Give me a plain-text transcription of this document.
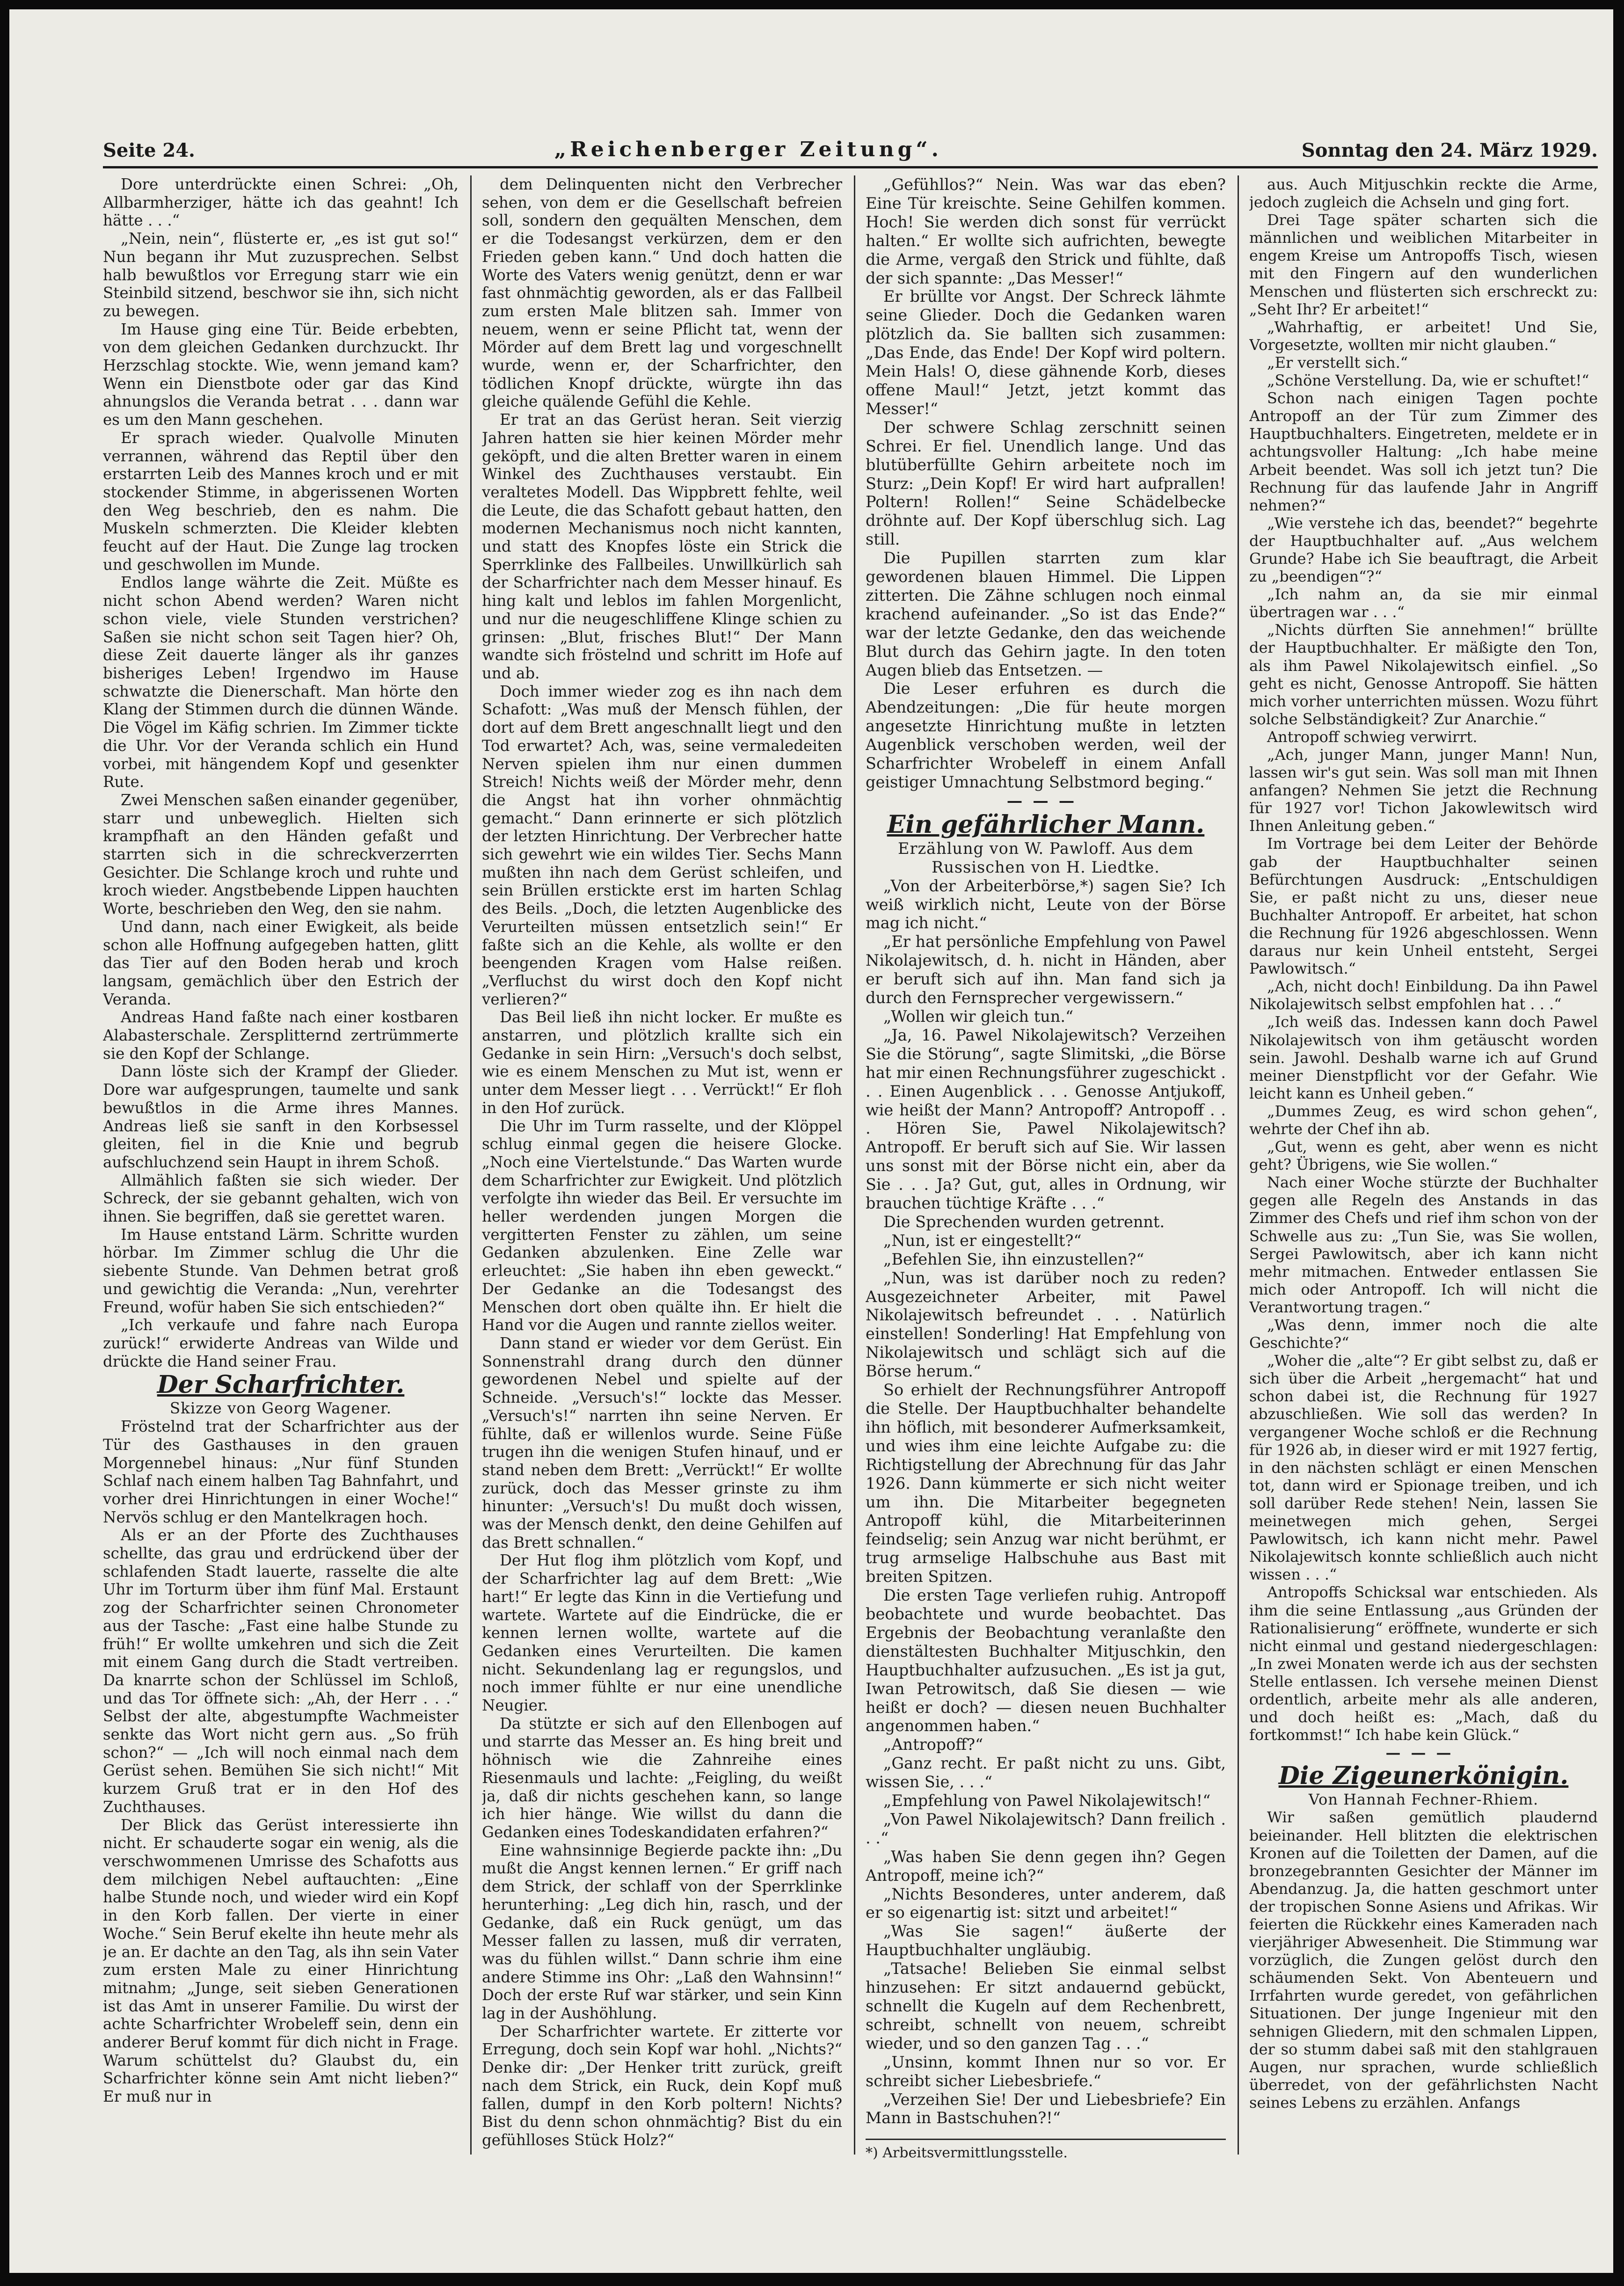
Seite 24.	„Reichenberger Zeitung“.	Sonntag den 24. März 1929.

Dore unterdrückte einen Schrei: „Oh, Allbarmherziger, hätte ich das geahnt! Ich hätte . . .“

„Nein, nein“, flüsterte er, „es ist gut so!“ Nun begann ihr Mut zuzusprechen. Selbst halb bewußtlos vor Erregung starr wie ein Steinbild sitzend, beschwor sie ihn, sich nicht zu bewegen.

Im Hause ging eine Tür. Beide erbebten, von dem gleichen Gedanken durchzuckt. Ihr Herzschlag stockte. Wie, wenn jemand kam? Wenn ein Dienstbote oder gar das Kind ahnungslos die Veranda betrat . . . dann war es um den Mann geschehen.

Er sprach wieder. Qualvolle Minuten verrannen, während das Reptil über den erstarrten Leib des Mannes kroch und er mit stockender Stimme, in abgerissenen Worten den Weg beschrieb, den es nahm. Die Muskeln schmerzten. Die Kleider klebten feucht auf der Haut. Die Zunge lag trocken und geschwollen im Munde.

Endlos lange währte die Zeit. Müßte es nicht schon Abend werden? Waren nicht schon viele, viele Stunden verstrichen? Saßen sie nicht schon seit Tagen hier? Oh, diese Zeit dauerte länger als ihr ganzes bisheriges Leben! Irgendwo im Hause schwatzte die Dienerschaft. Man hörte den Klang der Stimmen durch die dünnen Wände. Die Vögel im Käfig schrien. Im Zimmer tickte die Uhr. Vor der Veranda schlich ein Hund vorbei, mit hängendem Kopf und gesenkter Rute.

Zwei Menschen saßen einander gegenüber, starr und unbeweglich. Hielten sich krampfhaft an den Händen gefaßt und starrten sich in die schreckverzerrten Gesichter. Die Schlange kroch und ruhte und kroch wieder. Angstbebende Lippen hauchten Worte, beschrieben den Weg, den sie nahm.

Und dann, nach einer Ewigkeit, als beide schon alle Hoffnung aufgegeben hatten, glitt das Tier auf den Boden herab und kroch langsam, gemächlich über den Estrich der Veranda.

Andreas Hand faßte nach einer kostbaren Alabasterschale. Zersplitternd zertrümmerte sie den Kopf der Schlange.

Dann löste sich der Krampf der Glieder. Dore war aufgesprungen, taumelte und sank bewußtlos in die Arme ihres Mannes. Andreas ließ sie sanft in den Korbsessel gleiten, fiel in die Knie und begrub aufschluchzend sein Haupt in ihrem Schoß.

Allmählich faßten sie sich wieder. Der Schreck, der sie gebannt gehalten, wich von ihnen. Sie begriffen, daß sie gerettet waren.

Im Hause entstand Lärm. Schritte wurden hörbar. Im Zimmer schlug die Uhr die siebente Stunde. Van Dehmen betrat groß und gewichtig die Veranda: „Nun, verehrter Freund, wofür haben Sie sich entschieden?“

„Ich verkaufe und fahre nach Europa zurück!“ erwiderte Andreas van Wilde und drückte die Hand seiner Frau.

Der Scharfrichter.

Skizze von Georg Wagener.

Fröstelnd trat der Scharfrichter aus der Tür des Gasthauses in den grauen Morgennebel hinaus: „Nur fünf Stunden Schlaf nach einem halben Tag Bahnfahrt, und vorher drei Hinrichtungen in einer Woche!“ Nervös schlug er den Mantelkragen hoch.

Als er an der Pforte des Zuchthauses schellte, das grau und erdrückend über der schlafenden Stadt lauerte, rasselte die alte Uhr im Torturm über ihm fünf Mal. Erstaunt zog der Scharfrichter seinen Chronometer aus der Tasche: „Fast eine halbe Stunde zu früh!“ Er wollte umkehren und sich die Zeit mit einem Gang durch die Stadt vertreiben. Da knarrte schon der Schlüssel im Schloß, und das Tor öffnete sich: „Ah, der Herr . . .“ Selbst der alte, abgestumpfte Wachmeister senkte das Wort nicht gern aus. „So früh schon?“ — „Ich will noch einmal nach dem Gerüst sehen. Bemühen Sie sich nicht!“ Mit kurzem Gruß trat er in den Hof des Zuchthauses.

Der Blick das Gerüst interessierte ihn nicht. Er schauderte sogar ein wenig, als die verschwommenen Umrisse des Schafotts aus dem milchigen Nebel auftauchten: „Eine halbe Stunde noch, und wieder wird ein Kopf in den Korb fallen. Der vierte in einer Woche.“ Sein Beruf ekelte ihn heute mehr als je an. Er dachte an den Tag, als ihn sein Vater zum ersten Male zu einer Hinrichtung mitnahm; „Junge, seit sieben Generationen ist das Amt in unserer Familie. Du wirst der achte Scharfrichter Wrobeleff sein, denn ein anderer Beruf kommt für dich nicht in Frage. Warum schüttelst du? Glaubst du, ein Scharfrichter könne sein Amt nicht lieben?“ Er muß nur in

dem Delinquenten nicht den Verbrecher sehen, von dem er die Gesellschaft befreien soll, sondern den gequälten Menschen, dem er die Todesangst verkürzen, dem er den Frieden geben kann.“ Und doch hatten die Worte des Vaters wenig genützt, denn er war fast ohnmächtig geworden, als er das Fallbeil zum ersten Male blitzen sah. Immer von neuem, wenn er seine Pflicht tat, wenn der Mörder auf dem Brett lag und vorgeschnellt wurde, wenn er, der Scharfrichter, den tödlichen Knopf drückte, würgte ihn das gleiche quälende Gefühl die Kehle.

Er trat an das Gerüst heran. Seit vierzig Jahren hatten sie hier keinen Mörder mehr geköpft, und die alten Bretter waren in einem Winkel des Zuchthauses verstaubt. Ein veraltetes Modell. Das Wippbrett fehlte, weil die Leute, die das Schafott gebaut hatten, den modernen Mechanismus noch nicht kannten, und statt des Knopfes löste ein Strick die Sperrklinke des Fallbeiles. Unwillkürlich sah der Scharfrichter nach dem Messer hinauf. Es hing kalt und leblos im fahlen Morgenlicht, und nur die neugeschliffene Klinge schien zu grinsen: „Blut, frisches Blut!“ Der Mann wandte sich fröstelnd und schritt im Hofe auf und ab.

Doch immer wieder zog es ihn nach dem Schafott: „Was muß der Mensch fühlen, der dort auf dem Brett angeschnallt liegt und den Tod erwartet? Ach, was, seine vermaledeiten Nerven spielen ihm nur einen dummen Streich! Nichts weiß der Mörder mehr, denn die Angst hat ihn vorher ohnmächtig gemacht.“ Dann erinnerte er sich plötzlich der letzten Hinrichtung. Der Verbrecher hatte sich gewehrt wie ein wildes Tier. Sechs Mann mußten ihn nach dem Gerüst schleifen, und sein Brüllen erstickte erst im harten Schlag des Beils. „Doch, die letzten Augenblicke des Verurteilten müssen entsetzlich sein!“ Er faßte sich an die Kehle, als wollte er den beengenden Kragen vom Halse reißen. „Verfluchst du wirst doch den Kopf nicht verlieren?“

Das Beil ließ ihn nicht locker. Er mußte es anstarren, und plötzlich krallte sich ein Gedanke in sein Hirn: „Versuch's doch selbst, wie es einem Menschen zu Mut ist, wenn er unter dem Messer liegt . . . Verrückt!“ Er floh in den Hof zurück.

Die Uhr im Turm rasselte, und der Klöppel schlug einmal gegen die heisere Glocke. „Noch eine Viertelstunde.“ Das Warten wurde dem Scharfrichter zur Ewigkeit. Und plötzlich verfolgte ihn wieder das Beil. Er versuchte im heller werdenden jungen Morgen die vergitterten Fenster zu zählen, um seine Gedanken abzulenken. Eine Zelle war erleuchtet: „Sie haben ihn eben geweckt.“ Der Gedanke an die Todesangst des Menschen dort oben quälte ihn. Er hielt die Hand vor die Augen und rannte ziellos weiter.

Dann stand er wieder vor dem Gerüst. Ein Sonnenstrahl drang durch den dünner gewordenen Nebel und spielte auf der Schneide. „Versuch's!“ lockte das Messer. „Versuch's!“ narrten ihn seine Nerven. Er fühlte, daß er willenlos wurde. Seine Füße trugen ihn die wenigen Stufen hinauf, und er stand neben dem Brett: „Verrückt!“ Er wollte zurück, doch das Messer grinste zu ihm hinunter: „Versuch's! Du mußt doch wissen, was der Mensch denkt, den deine Gehilfen auf das Brett schnallen.“

Der Hut flog ihm plötzlich vom Kopf, und der Scharfrichter lag auf dem Brett: „Wie hart!“ Er legte das Kinn in die Vertiefung und wartete. Wartete auf die Eindrücke, die er kennen lernen wollte, wartete auf die Gedanken eines Verurteilten. Die kamen nicht. Sekundenlang lag er regungslos, und noch immer fühlte er nur eine unendliche Neugier.

Da stützte er sich auf den Ellenbogen auf und starrte das Messer an. Es hing breit und höhnisch wie die Zahnreihe eines Riesenmauls und lachte: „Feigling, du weißt ja, daß dir nichts geschehen kann, so lange ich hier hänge. Wie willst du dann die Gedanken eines Todeskandidaten erfahren?“

Eine wahnsinnige Begierde packte ihn: „Du mußt die Angst kennen lernen.“ Er griff nach dem Strick, der schlaff von der Sperrklinke herunterhing: „Leg dich hin, rasch, und der Gedanke, daß ein Ruck genügt, um das Messer fallen zu lassen, muß dir verraten, was du fühlen willst.“ Dann schrie ihm eine andere Stimme ins Ohr: „Laß den Wahnsinn!“ Doch der erste Ruf war stärker, und sein Kinn lag in der Aushöhlung.

Der Scharfrichter wartete. Er zitterte vor Erregung, doch sein Kopf war hohl. „Nichts?“ Denke dir: „Der Henker tritt zurück, greift nach dem Strick, ein Ruck, dein Kopf muß fallen, dumpf in den Korb poltern! Nichts? Bist du denn schon ohnmächtig? Bist du ein gefühlloses Stück Holz?“

„Gefühllos?“ Nein. Was war das eben? Eine Tür kreischte. Seine Gehilfen kommen. Hoch! Sie werden dich sonst für verrückt halten.“ Er wollte sich aufrichten, bewegte die Arme, vergaß den Strick und fühlte, daß der sich spannte: „Das Messer!“

Er brüllte vor Angst. Der Schreck lähmte seine Glieder. Doch die Gedanken waren plötzlich da. Sie ballten sich zusammen: „Das Ende, das Ende! Der Kopf wird poltern. Mein Hals! O, diese gähnende Korb, dieses offene Maul!“ Jetzt, jetzt kommt das Messer!“

Der schwere Schlag zerschnitt seinen Schrei. Er fiel. Unendlich lange. Und das blutüberfüllte Gehirn arbeitete noch im Sturz: „Dein Kopf! Er wird hart aufprallen! Poltern! Rollen!“ Seine Schädelbecke dröhnte auf. Der Kopf überschlug sich. Lag still.

Die Pupillen starrten zum klar gewordenen blauen Himmel. Die Lippen zitterten. Die Zähne schlugen noch einmal krachend aufeinander. „So ist das Ende?“ war der letzte Gedanke, den das weichende Blut durch das Gehirn jagte. In den toten Augen blieb das Entsetzen. —

Die Leser erfuhren es durch die Abendzeitungen: „Die für heute morgen angesetzte Hinrichtung mußte in letzten Augenblick verschoben werden, weil der Scharfrichter Wrobeleff in einem Anfall geistiger Umnachtung Selbstmord beging.“

———

Ein gefährlicher Mann.

Erzählung von W. Pawloff. Aus dem Russischen von H. Liedtke.

„Von der Arbeiterbörse,*) sagen Sie? Ich weiß wirklich nicht, Leute von der Börse mag ich nicht.“

„Er hat persönliche Empfehlung von Pawel Nikolajewitsch, d. h. nicht in Händen, aber er beruft sich auf ihn. Man fand sich ja durch den Fernsprecher vergewissern.“

„Wollen wir gleich tun.“

„Ja, 16. Pawel Nikolajewitsch? Verzeihen Sie die Störung“, sagte Slimitski, „die Börse hat mir einen Rechnungsführer zugeschickt . . . Einen Augenblick . . . Genosse Antjukoff, wie heißt der Mann? Antropoff? Antropoff . . . Hören Sie, Pawel Nikolajewitsch? Antropoff. Er beruft sich auf Sie. Wir lassen uns sonst mit der Börse nicht ein, aber da Sie . . . Ja? Gut, gut, alles in Ordnung, wir brauchen tüchtige Kräfte . . .“

Die Sprechenden wurden getrennt.

„Nun, ist er eingestellt?“

„Befehlen Sie, ihn einzustellen?“

„Nun, was ist darüber noch zu reden? Ausgezeichneter Arbeiter, mit Pawel Nikolajewitsch befreundet . . . Natürlich einstellen! Sonderling! Hat Empfehlung von Nikolajewitsch und schlägt sich auf die Börse herum.“

So erhielt der Rechnungsführer Antropoff die Stelle. Der Hauptbuchhalter behandelte ihn höflich, mit besonderer Aufmerksamkeit, und wies ihm eine leichte Aufgabe zu: die Richtigstellung der Abrechnung für das Jahr 1926. Dann kümmerte er sich nicht weiter um ihn. Die Mitarbeiter begegneten Antropoff kühl, die Mitarbeiterinnen feindselig; sein Anzug war nicht berühmt, er trug armselige Halbschuhe aus Bast mit breiten Spitzen.

Die ersten Tage verliefen ruhig. Antropoff beobachtete und wurde beobachtet. Das Ergebnis der Beobachtung veranlaßte den dienstältesten Buchhalter Mitjuschkin, den Hauptbuchhalter aufzusuchen. „Es ist ja gut, Iwan Petrowitsch, daß Sie diesen — wie heißt er doch? — diesen neuen Buchhalter angenommen haben.“

„Antropoff?“

„Ganz recht. Er paßt nicht zu uns. Gibt, wissen Sie, . . .“

„Empfehlung von Pawel Nikolajewitsch!“

„Von Pawel Nikolajewitsch? Dann freilich . . .“

„Was haben Sie denn gegen ihn? Gegen Antropoff, meine ich?“

„Nichts Besonderes, unter anderem, daß er so eigenartig ist: sitzt und arbeitet!“

„Was Sie sagen!“ äußerte der Hauptbuchhalter ungläubig.

„Tatsache! Belieben Sie einmal selbst hinzusehen: Er sitzt andauernd gebückt, schnellt die Kugeln auf dem Rechenbrett, schreibt, schnellt von neuem, schreibt wieder, und so den ganzen Tag . . .“

„Unsinn, kommt Ihnen nur so vor. Er schreibt sicher Liebesbriefe.“

„Verzeihen Sie! Der und Liebesbriefe? Ein Mann in Bastschuhen?!“

*) Arbeitsvermittlungsstelle.

aus. Auch Mitjuschkin reckte die Arme, jedoch zugleich die Achseln und ging fort.

Drei Tage später scharten sich die männlichen und weiblichen Mitarbeiter in engem Kreise um Antropoffs Tisch, wiesen mit den Fingern auf den wunderlichen Menschen und flüsterten sich erschreckt zu: „Seht Ihr? Er arbeitet!“

„Wahrhaftig, er arbeitet! Und Sie, Vorgesetzte, wollten mir nicht glauben.“

„Er verstellt sich.“

„Schöne Verstellung. Da, wie er schuftet!“

Schon nach einigen Tagen pochte Antropoff an der Tür zum Zimmer des Hauptbuchhalters. Eingetreten, meldete er in achtungsvoller Haltung: „Ich habe meine Arbeit beendet. Was soll ich jetzt tun? Die Rechnung für das laufende Jahr in Angriff nehmen?“

„Wie verstehe ich das, beendet?“ begehrte der Hauptbuchhalter auf. „Aus welchem Grunde? Habe ich Sie beauftragt, die Arbeit zu „beendigen“?“

„Ich nahm an, da sie mir einmal übertragen war . . .“

„Nichts dürften Sie annehmen!“ brüllte der Hauptbuchhalter. Er mäßigte den Ton, als ihm Pawel Nikolajewitsch einfiel. „So geht es nicht, Genosse Antropoff. Sie hätten mich vorher unterrichten müssen. Wozu führt solche Selbständigkeit? Zur Anarchie.“

Antropoff schwieg verwirrt.

„Ach, junger Mann, junger Mann! Nun, lassen wir's gut sein. Was soll man mit Ihnen anfangen? Nehmen Sie jetzt die Rechnung für 1927 vor! Tichon Jakowlewitsch wird Ihnen Anleitung geben.“

Im Vortrage bei dem Leiter der Behörde gab der Hauptbuchhalter seinen Befürchtungen Ausdruck: „Entschuldigen Sie, er paßt nicht zu uns, dieser neue Buchhalter Antropoff. Er arbeitet, hat schon die Rechnung für 1926 abgeschlossen. Wenn daraus nur kein Unheil entsteht, Sergei Pawlowitsch.“

„Ach, nicht doch! Einbildung. Da ihn Pawel Nikolajewitsch selbst empfohlen hat . . .“

„Ich weiß das. Indessen kann doch Pawel Nikolajewitsch von ihm getäuscht worden sein. Jawohl. Deshalb warne ich auf Grund meiner Dienstpflicht vor der Gefahr. Wie leicht kann es Unheil geben.“

„Dummes Zeug, es wird schon gehen“, wehrte der Chef ihn ab.

„Gut, wenn es geht, aber wenn es nicht geht? Übrigens, wie Sie wollen.“

Nach einer Woche stürzte der Buchhalter gegen alle Regeln des Anstands in das Zimmer des Chefs und rief ihm schon von der Schwelle aus zu: „Tun Sie, was Sie wollen, Sergei Pawlowitsch, aber ich kann nicht mehr mitmachen. Entweder entlassen Sie mich oder Antropoff. Ich will nicht die Verantwortung tragen.“

„Was denn, immer noch die alte Geschichte?“

„Woher die „alte“? Er gibt selbst zu, daß er sich über die Arbeit „hergemacht“ hat und schon dabei ist, die Rechnung für 1927 abzuschließen. Wie soll das werden? In vergangener Woche schloß er die Rechnung für 1926 ab, in dieser wird er mit 1927 fertig, in den nächsten schlägt er einen Menschen tot, dann wird er Spionage treiben, und ich soll darüber Rede stehen! Nein, lassen Sie meinetwegen mich gehen, Sergei Pawlowitsch, ich kann nicht mehr. Pawel Nikolajewitsch konnte schließlich auch nicht wissen . . .“

Antropoffs Schicksal war entschieden. Als ihm die seine Entlassung „aus Gründen der Rationalisierung“ eröffnete, wunderte er sich nicht einmal und gestand niedergeschlagen: „In zwei Monaten werde ich aus der sechsten Stelle entlassen. Ich versehe meinen Dienst ordentlich, arbeite mehr als alle anderen, und doch heißt es: „Mach, daß du fortkommst!“ Ich habe kein Glück.“

———

Die Zigeunerkönigin.

Von Hannah Fechner-Rhiem.

Wir saßen gemütlich plaudernd beieinander. Hell blitzten die elektrischen Kronen auf die Toiletten der Damen, auf die bronzegebrannten Gesichter der Männer im Abendanzug. Ja, die hatten geschmort unter der tropischen Sonne Asiens und Afrikas. Wir feierten die Rückkehr eines Kameraden nach vierjähriger Abwesenheit. Die Stimmung war vorzüglich, die Zungen gelöst durch den schäumenden Sekt. Von Abenteuern und Irrfahrten wurde geredet, von gefährlichen Situationen. Der junge Ingenieur mit den sehnigen Gliedern, mit den schmalen Lippen, der so stumm dabei saß mit den stahlgrauen Augen, nur sprachen, wurde schließlich überredet, von der gefährlichsten Nacht seines Lebens zu erzählen. Anfangs
